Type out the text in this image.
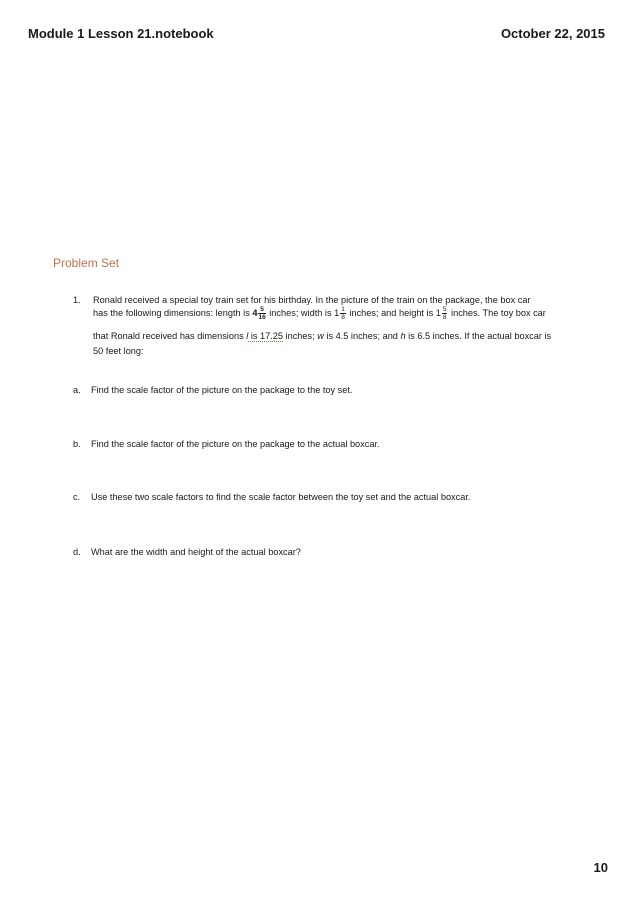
Module 1 Lesson 21.notebook	October 22, 2015
Problem Set
1. Ronald received a special toy train set for his birthday. In the picture of the train on the package, the box car
has the following dimensions: length is $4 \frac{5}{16}$ inches; width is $1 \frac{1}{8}$ inches; and height is $1 \frac{5}{8}$ inches. The toy box car
that Ronald received has dimensions l is 17.25 inches; w is 4.5 inches; and h is 6.5 inches. If the actual boxcar is
50 feet long:
a. Find the scale factor of the picture on the package to the toy set.
b. Find the scale factor of the picture on the package to the actual boxcar.
c. Use these two scale factors to find the scale factor between the toy set and the actual boxcar.
d. What are the width and height of the actual boxcar?
10
